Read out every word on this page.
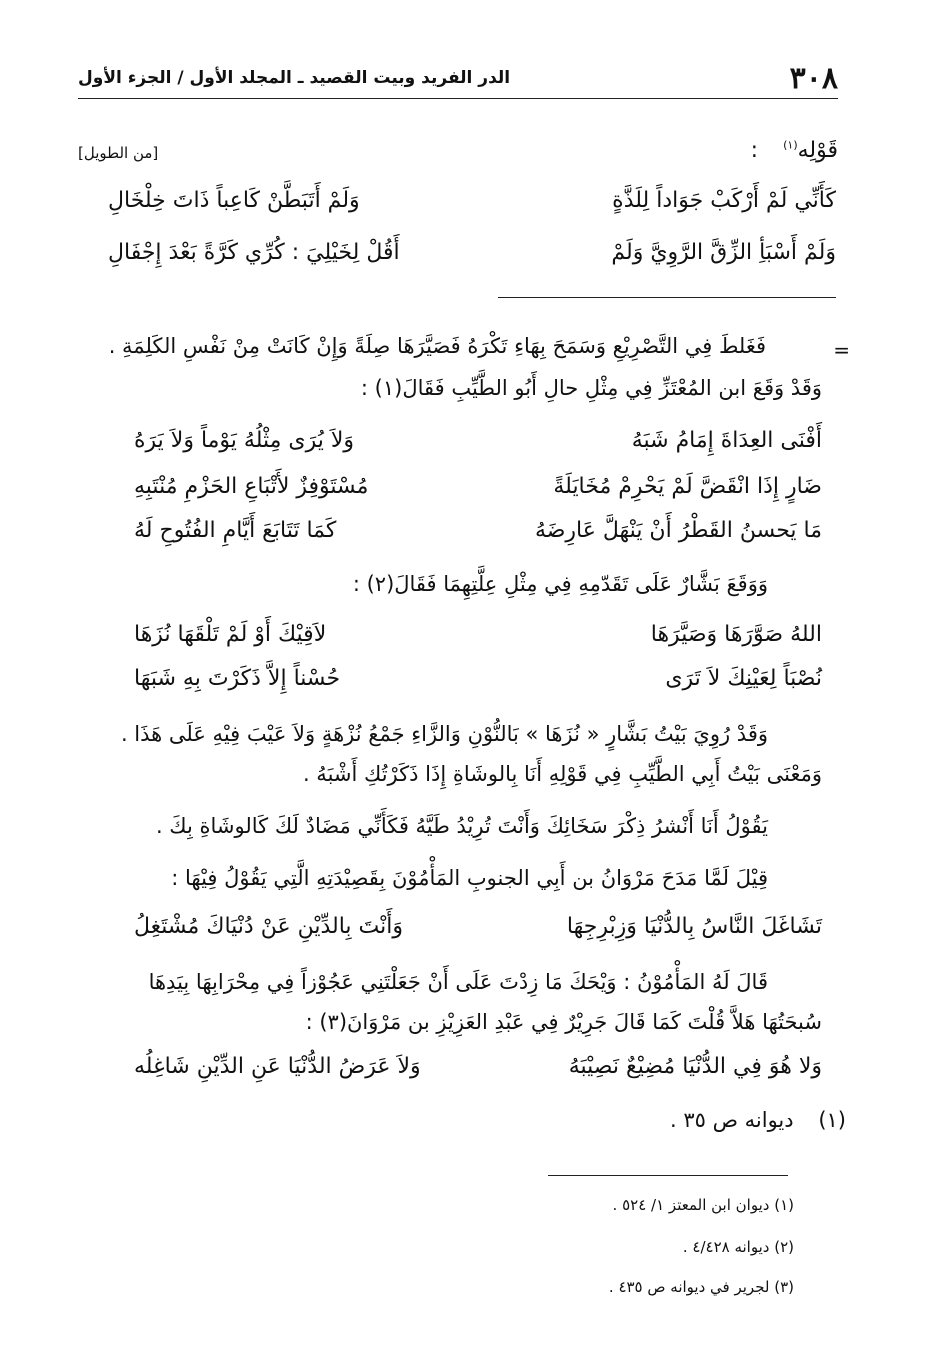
٣٠٨
الدر الفريد وبيت القصيد ـ المجلد الأول / الجزء الأول
قَوْلِه$^{(١)}$ :
[من الطويل]
كَأَنِّي لَمْ أَرْكَبْ جَوَاداً لِلَذَّةٍ
وَلَمْ أَتَبَطَّنْ كَاعِباً ذَاتَ خِلْخَالِ
وَلَمْ أَسْبَأِ الزِّقَّ الرَّوِيَّ وَلَمْ
أَقُلْ لِخَيْلِيَ : كُرِّي كَرَّةً بَعْدَ إِجْفَالِ
=
فَغَلطَ فِي التَّصْرِيْعِ وَسَمَحَ بِهَاءِ تَكْرَهُ فَصَيَّرَهَا صِلَةً وَإِنْ كَانَتْ مِنْ نَفْسِ الكَلِمَةِ .
وَقَدْ وَقَعَ ابن المُعْتَزِّ فِي مِثْلِ حالِ أَبُو الطَّيِّبِ فَقَالَ(١) :
أَفْنَى العِدَاةَ إِمَامُ شَبَهُ
وَلاَ يُرَى مِثْلُهُ يَوْماً وَلاَ يَرَهُ
ضَارٍ إِذَا انْقَضَّ لَمْ يَحْرِمْ مُخَايَلَةً
مُسْتَوْفِزٌ لأَتْبَاعِ الحَزْمِ مُنْتَبِهِ
مَا يَحسنُ القَطْرُ أَنْ يَنْهَلَّ عَارِضَهُ
كَمَا تَتَابَعَ أَيَّامِ الفُتُوحِ لَهُ
وَوَقَعَ بَشَّارٌ عَلَى تَقَدّمِهِ فِي مِثْلِ عِلَّتِهِمَا فَقَالَ(٢) :
اللهُ صَوَّرَهَا وَصَيَّرَهَا
لاَقِيْكَ أَوْ لَمْ تَلْقَهَا نُزَهَا
نُصْبَاً لِعَيْنِكَ لاَ تَرَى
حُسْناً إِلاَّ ذَكَرْتَ بِهِ شَبَهَا
وَقَدْ رُوِيَ بَيْتُ بَشَّارٍ « نُزَهَا » بَالنُّوْنِ وَالزَّاءِ جَمْعُ نُزْهَةٍ وَلاَ عَيْبَ فِيْهِ عَلَى هَذَا .
وَمَعْنَى بَيْتُ أَبِي الطَّيِّبِ فِي قَوْلِهِ أَنَا بِالوشَاةِ إِذَا ذَكَرْتُكِ أَشْبَهُ .
يَقُوْلُ أَنَا أَنْشرُ ذِكْرَ سَخَائِكَ وَأَنْتَ تُرِيْدُ طَيَّهُ فَكَأَنِّي مَضَادٌ لَكَ كَالوشَاةِ بِكَ .
قِيْلَ لَمَّا مَدَحَ مَرْوَانُ بن أَبِي الجنوبِ المَأْمُوْنَ بِقَصِيْدَتِهِ الَّتِي يَقُوْلُ فِيْهَا :
تَشَاغَلَ النَّاسُ بِالدُّنْيَا وَزِبْرِجِهَا
وَأَنْتَ بِالدِّيْنِ عَنْ دُنْيَاكَ مُشْتَغِلُ
قَالَ لَهُ المَأْمُوْنُ : وَيْحَكَ مَا زِدْتَ عَلَى أَنْ جَعَلْتَنِي عَجُوْزاً فِي مِحْرَابِهَا بِيَدِهَا
سُبحَتُهَا هَلاَّ قُلْتَ كَمَا قَالَ جَرِيْرٌ فِي عَبْدِ العَزِيْزِ بن مَرْوَانَ(٣) :
وَلا هُوَ فِي الدُّنْيَا مُضِيْعٌ نَصِيْبَهُ
وَلاَ عَرَضُ الدُّنْيَا عَنِ الدِّيْنِ شَاغِلُه
(١) ديوانه ص ٣٥ .
(١) ديوان ابن المعتز ١/ ٥٢٤ .
(٢) ديوانه ٤/٤٢٨ .
(٣) لجرير في ديوانه ص ٤٣٥ .
